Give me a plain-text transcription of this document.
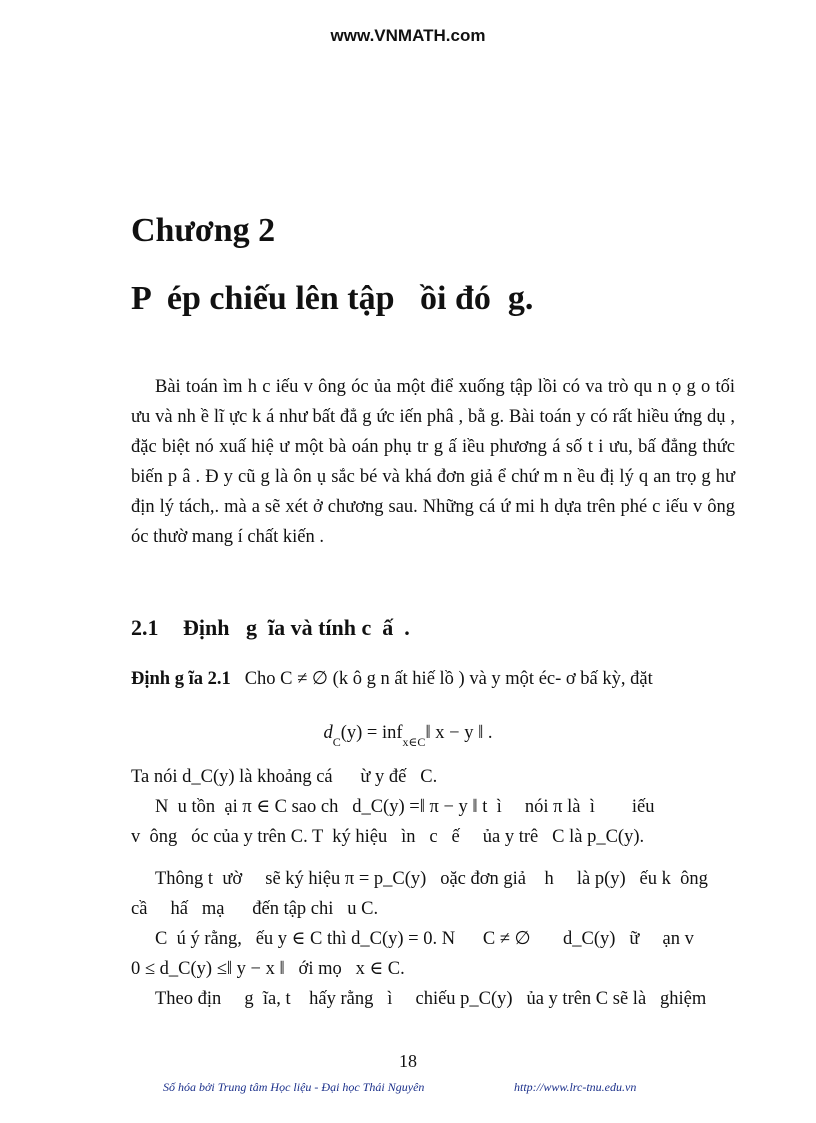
www.VNMATH.com
Chương 2
P  ép chiếu lên tập   ồi đó  g.
Bài toán ìm h c iếu v ông óc ủa một điể xuống tập lồi có va trò qu n ọ g o tối ưu và nh ề lĩ ực k á như bất đẳ g ức iến phâ , bằ g. Bài toán y có rất hiều ứng dụ , đặc biệt nó xuấ hiệ ư một bà oán phụ tr g ấ iều phương á số t i ưu, bấ đẳng thức biến p â . Đ y cũ g là ôn ụ sắc bé và khá đơn giả ể chứ m n ều đị lý q an trọ g hư địn lý tách,. mà a sẽ xét ở chương sau. Những cá ứ mi h dựa trên phé c iếu v ông óc thườ mang í chất kiến .
2.1 Định   g  ĩa và tính c  ấ  .
Định g ĩa 2.1 Cho C ≠ ∅ (k ô g n ất hiế lồ ) và y một éc- ơ bấ kỳ, đặt
$d_C(y)$ = inf$_{x\in C}$‖ x − y ‖ .
Ta nói d_C(y) là khoảng cá      ừ y đế   C.
N  u tồn  ại π ∈ C sao ch   d_C(y) =‖ π − y ‖ t  ì     nói π là  ì        iếu
v  ông   óc của y trên C. T  ký hiệu   ìn   c   ế     ủa y trê   C là p_C(y).
Thông t  ườ     sẽ ký hiệu π = p_C(y)   oặc đơn giả    h     là p(y)   ếu k  ông
cầ     hấ   mạ      đến tập chi   u C.
C  ú ý rằng,   ếu y ∈ C thì d_C(y) = 0. N      C ≠ ∅       d_C(y)   ữ     ạn v
0 ≤ d_C(y) ≤‖ y − x ‖   ới mọ   x ∈ C.
Theo địn     g  ĩa, t    hấy rằng   ì     chiếu p_C(y)   ủa y trên C sẽ là   ghiệm
18
Số hóa bởi Trung tâm Học liệu - Đại học Thái Nguyên	http://www.lrc-tnu.edu.vn
